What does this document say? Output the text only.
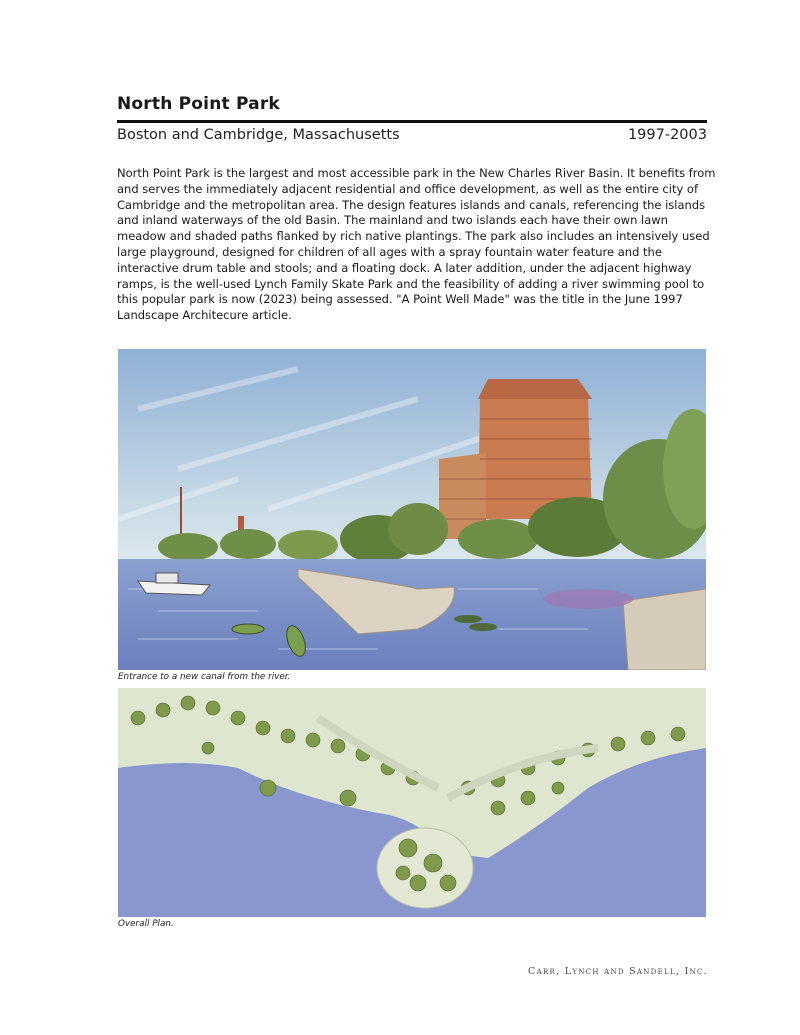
North Point Park
Boston and Cambridge, Massachusetts	1997-2003

North Point Park is the largest and most accessible park in the New Charles River Basin. It benefits from and serves the immediately adjacent residential and office development, as well as the entire city of Cambridge and the metropolitan area. The design features islands and canals, referencing the islands and inland waterways of the old Basin. The mainland and two islands each have their own lawn meadow and shaded paths flanked by rich native plantings. The park also includes an intensively used large playground, designed for children of all ages with a spray fountain water feature and the interactive drum table and stools; and a floating dock. A later addition, under the adjacent highway ramps, is the well-used Lynch Family Skate Park and the feasibility of adding a river swimming pool to this popular park is now (2023) being assessed. "A Point Well Made" was the title in the June 1997 Landscape Architecure article.

Entrance to a new canal from the river.
Overall Plan.
Carr, Lynch and Sandell, Inc.
